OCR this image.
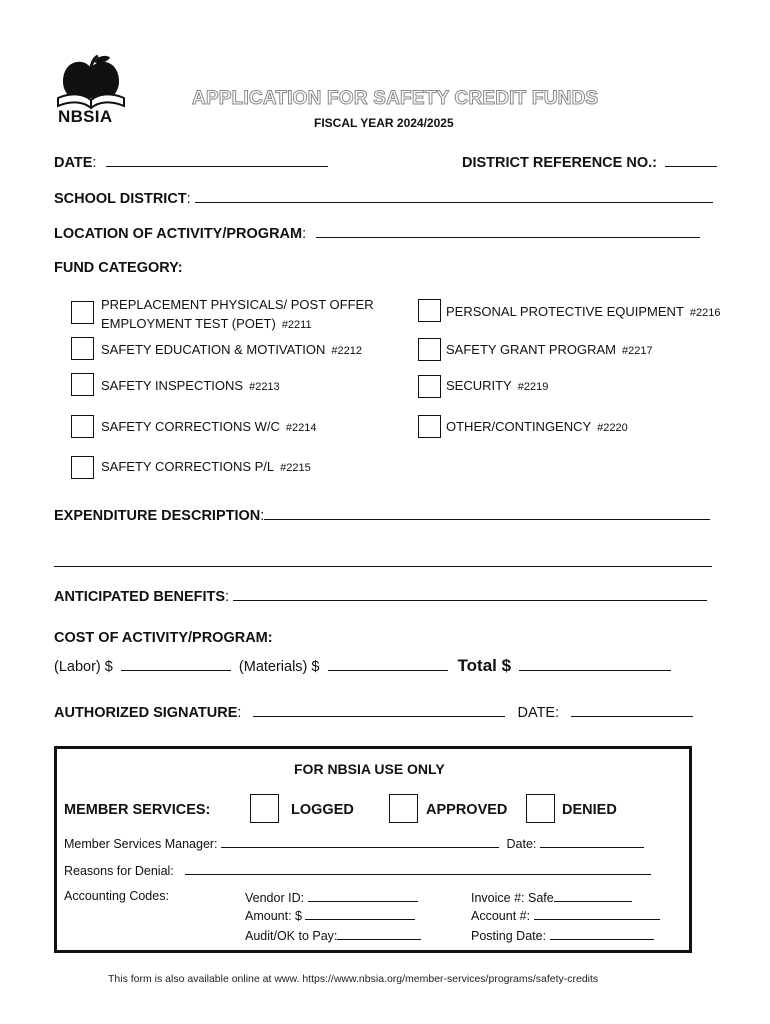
NBSIA
APPLICATION FOR SAFETY CREDIT FUNDS
FISCAL YEAR 2024/2025
DATE:	DISTRICT REFERENCE NO.:
SCHOOL DISTRICT:
LOCATION OF ACTIVITY/PROGRAM:
FUND CATEGORY:
PREPLACEMENT PHYSICALS/ POST OFFER
EMPLOYMENT TEST (POET) #2211
SAFETY EDUCATION & MOTIVATION #2212
SAFETY INSPECTIONS #2213
SAFETY CORRECTIONS W/C #2214
SAFETY CORRECTIONS P/L #2215
PERSONAL PROTECTIVE EQUIPMENT #2216
SAFETY GRANT PROGRAM #2217
SECURITY #2219
OTHER/CONTINGENCY #2220
EXPENDITURE DESCRIPTION:
ANTICIPATED BENEFITS:
COST OF ACTIVITY/PROGRAM:
(Labor) $	(Materials) $	Total $
AUTHORIZED SIGNATURE:	DATE:
FOR NBSIA USE ONLY
MEMBER SERVICES:	LOGGED	APPROVED	DENIED
Member Services Manager:	Date:
Reasons for Denial:
Accounting Codes:	Vendor ID:
Amount: $
Audit/OK to Pay:
Invoice #: Safe
Account #:
Posting Date:
This form is also available online at www. https://www.nbsia.org/member-services/programs/safety-credits
